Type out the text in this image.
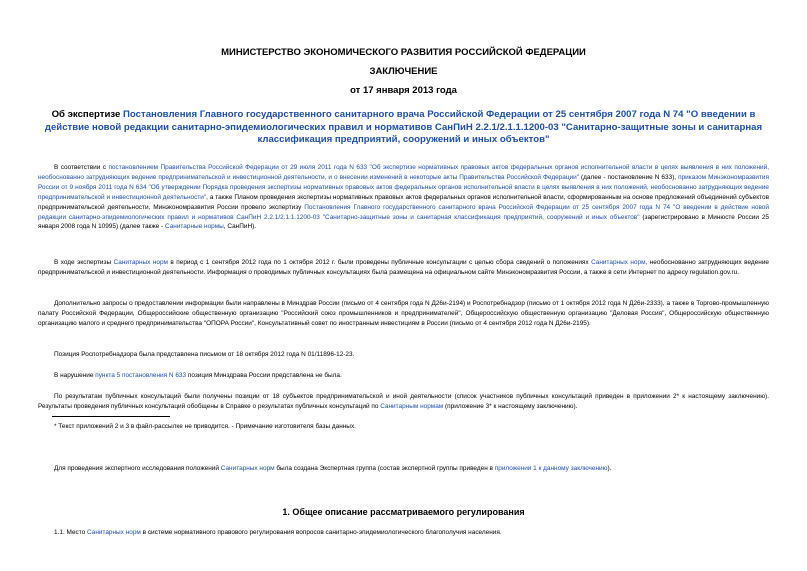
МИНИСТЕРСТВО ЭКОНОМИЧЕСКОГО РАЗВИТИЯ РОССИЙСКОЙ ФЕДЕРАЦИИ
ЗАКЛЮЧЕНИЕ
от 17 января 2013 года
Об экспертизе Постановления Главного государственного санитарного врача Российской Федерации от 25 сентября 2007 года N 74 "О введении в действие новой редакции санитарно-эпидемиологических правил и нормативов СанПиН 2.2.1/2.1.1.1200-03 "Санитарно-защитные зоны и санитарная классификация предприятий, сооружений и иных объектов"
В соответствии с постановлением Правительства Российской Федерации от 29 июля 2011 года N 633 "Об экспертизе нормативных правовых актов федеральных органов исполнительной власти в целях выявления в них положений, необоснованно затрудняющих ведение предпринимательской и инвестиционной деятельности, и о внесении изменений в некоторые акты Правительства Российской Федерации" (далее - постановление N 633), приказом Минэкономразвития России от 9 ноября 2011 года N 634 "Об утверждении Порядка проведения экспертизы нормативных правовых актов федеральных органов исполнительной власти в целях выявления в них положений, необоснованно затрудняющих ведение предпринимательской и инвестиционной деятельности", а также Планом проведения экспертизы нормативных правовых актов федеральных органов исполнительной власти, сформированным на основе предложений объединений субъектов предпринимательской деятельности, Минэкономразвития России провело экспертизу Постановления Главного государственного санитарного врача Российской Федерации от 25 сентября 2007 года N 74 "О введении в действие новой редакции санитарно-эпидемиологических правил и нормативов СанПиН 2.2.1/2.1.1.1200-03 "Санитарно-защитные зоны и санитарная классификация предприятий, сооружений и иных объектов" (зарегистрировано в Минюсте России 25 января 2008 года N 10995) (далее также - Санитарные нормы, СанПиН).
В ходе экспертизы Санитарных норм в период с 1 сентября 2012 года по 1 октября 2012 г. были проведены публичные консультации с целью сбора сведений о положениях Санитарных норм, необоснованно затрудняющих ведение предпринимательской и инвестиционной деятельности. Информация о проводимых публичных консультациях была размещена на официальном сайте Минэкономразвития России, а также в сети Интернет по адресу regulation.gov.ru.
Дополнительно запросы о предоставлении информации были направлены в Минздрав России (письмо от 4 сентября года N Д26и-2194) и Роспотребнадзор (письмо от 1 октября 2012 года N Д26и-2333), а также в Торгово-промышленную палату Российской Федерации, Общероссийские общественную организацию "Российский союз промышленников и предпринимателей", Общероссийскую общественную организацию "Деловая Россия", Общероссийскую общественную организацию малого и среднего предпринимательства "ОПОРА России", Консультативный совет по иностранным инвестициям в России (письмо от 4 сентября 2012 года N Д26и-2195).
Позиция Роспотребнадзора была представлена письмом от 18 октября 2012 года N 01/11896-12-23.
В нарушение пункта 5 постановления N 633 позиция Минздрава России представлена не была.
По результатам публичных консультаций были получены позиции от 18 субъектов предпринимательской и иной деятельности (список участников публичных консультаций приведен в приложении 2* к настоящему заключению). Результаты проведения публичных консультаций обобщены в Справке о результатах публичных консультаций по Санитарным нормам (приложение 3* к настоящему заключению).
* Текст приложений 2 и 3 в файл-рассылке не приводится. - Примечание изготовителя базы данных.
Для проведения экспертного исследования положений Санитарных норм была создана Экспертная группа (состав экспертной группы приведен в приложении 1 к данному заключению).
1. Общее описание рассматриваемого регулирования
1.1. Место Санитарных норм в системе нормативного правового регулирования вопросов санитарно-эпидемиологического благополучия населения.
